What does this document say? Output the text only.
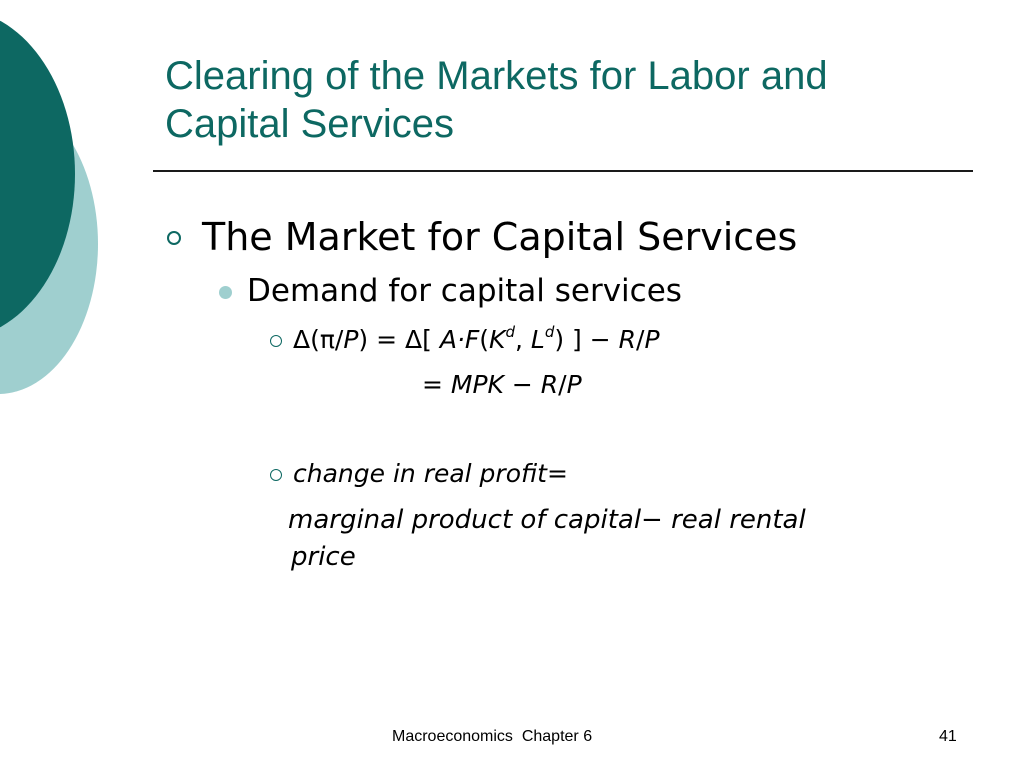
Clearing of the Markets for Labor and
Capital Services
The Market for Capital Services
Demand for capital services
Δ(π/P) = Δ[ $A\cdot F(K^d$, $L^d$) ] − R/P
= MPK − R/P
change in real profit=
marginal product of capital− real rental
price
Macroeconomics  Chapter 6	41
